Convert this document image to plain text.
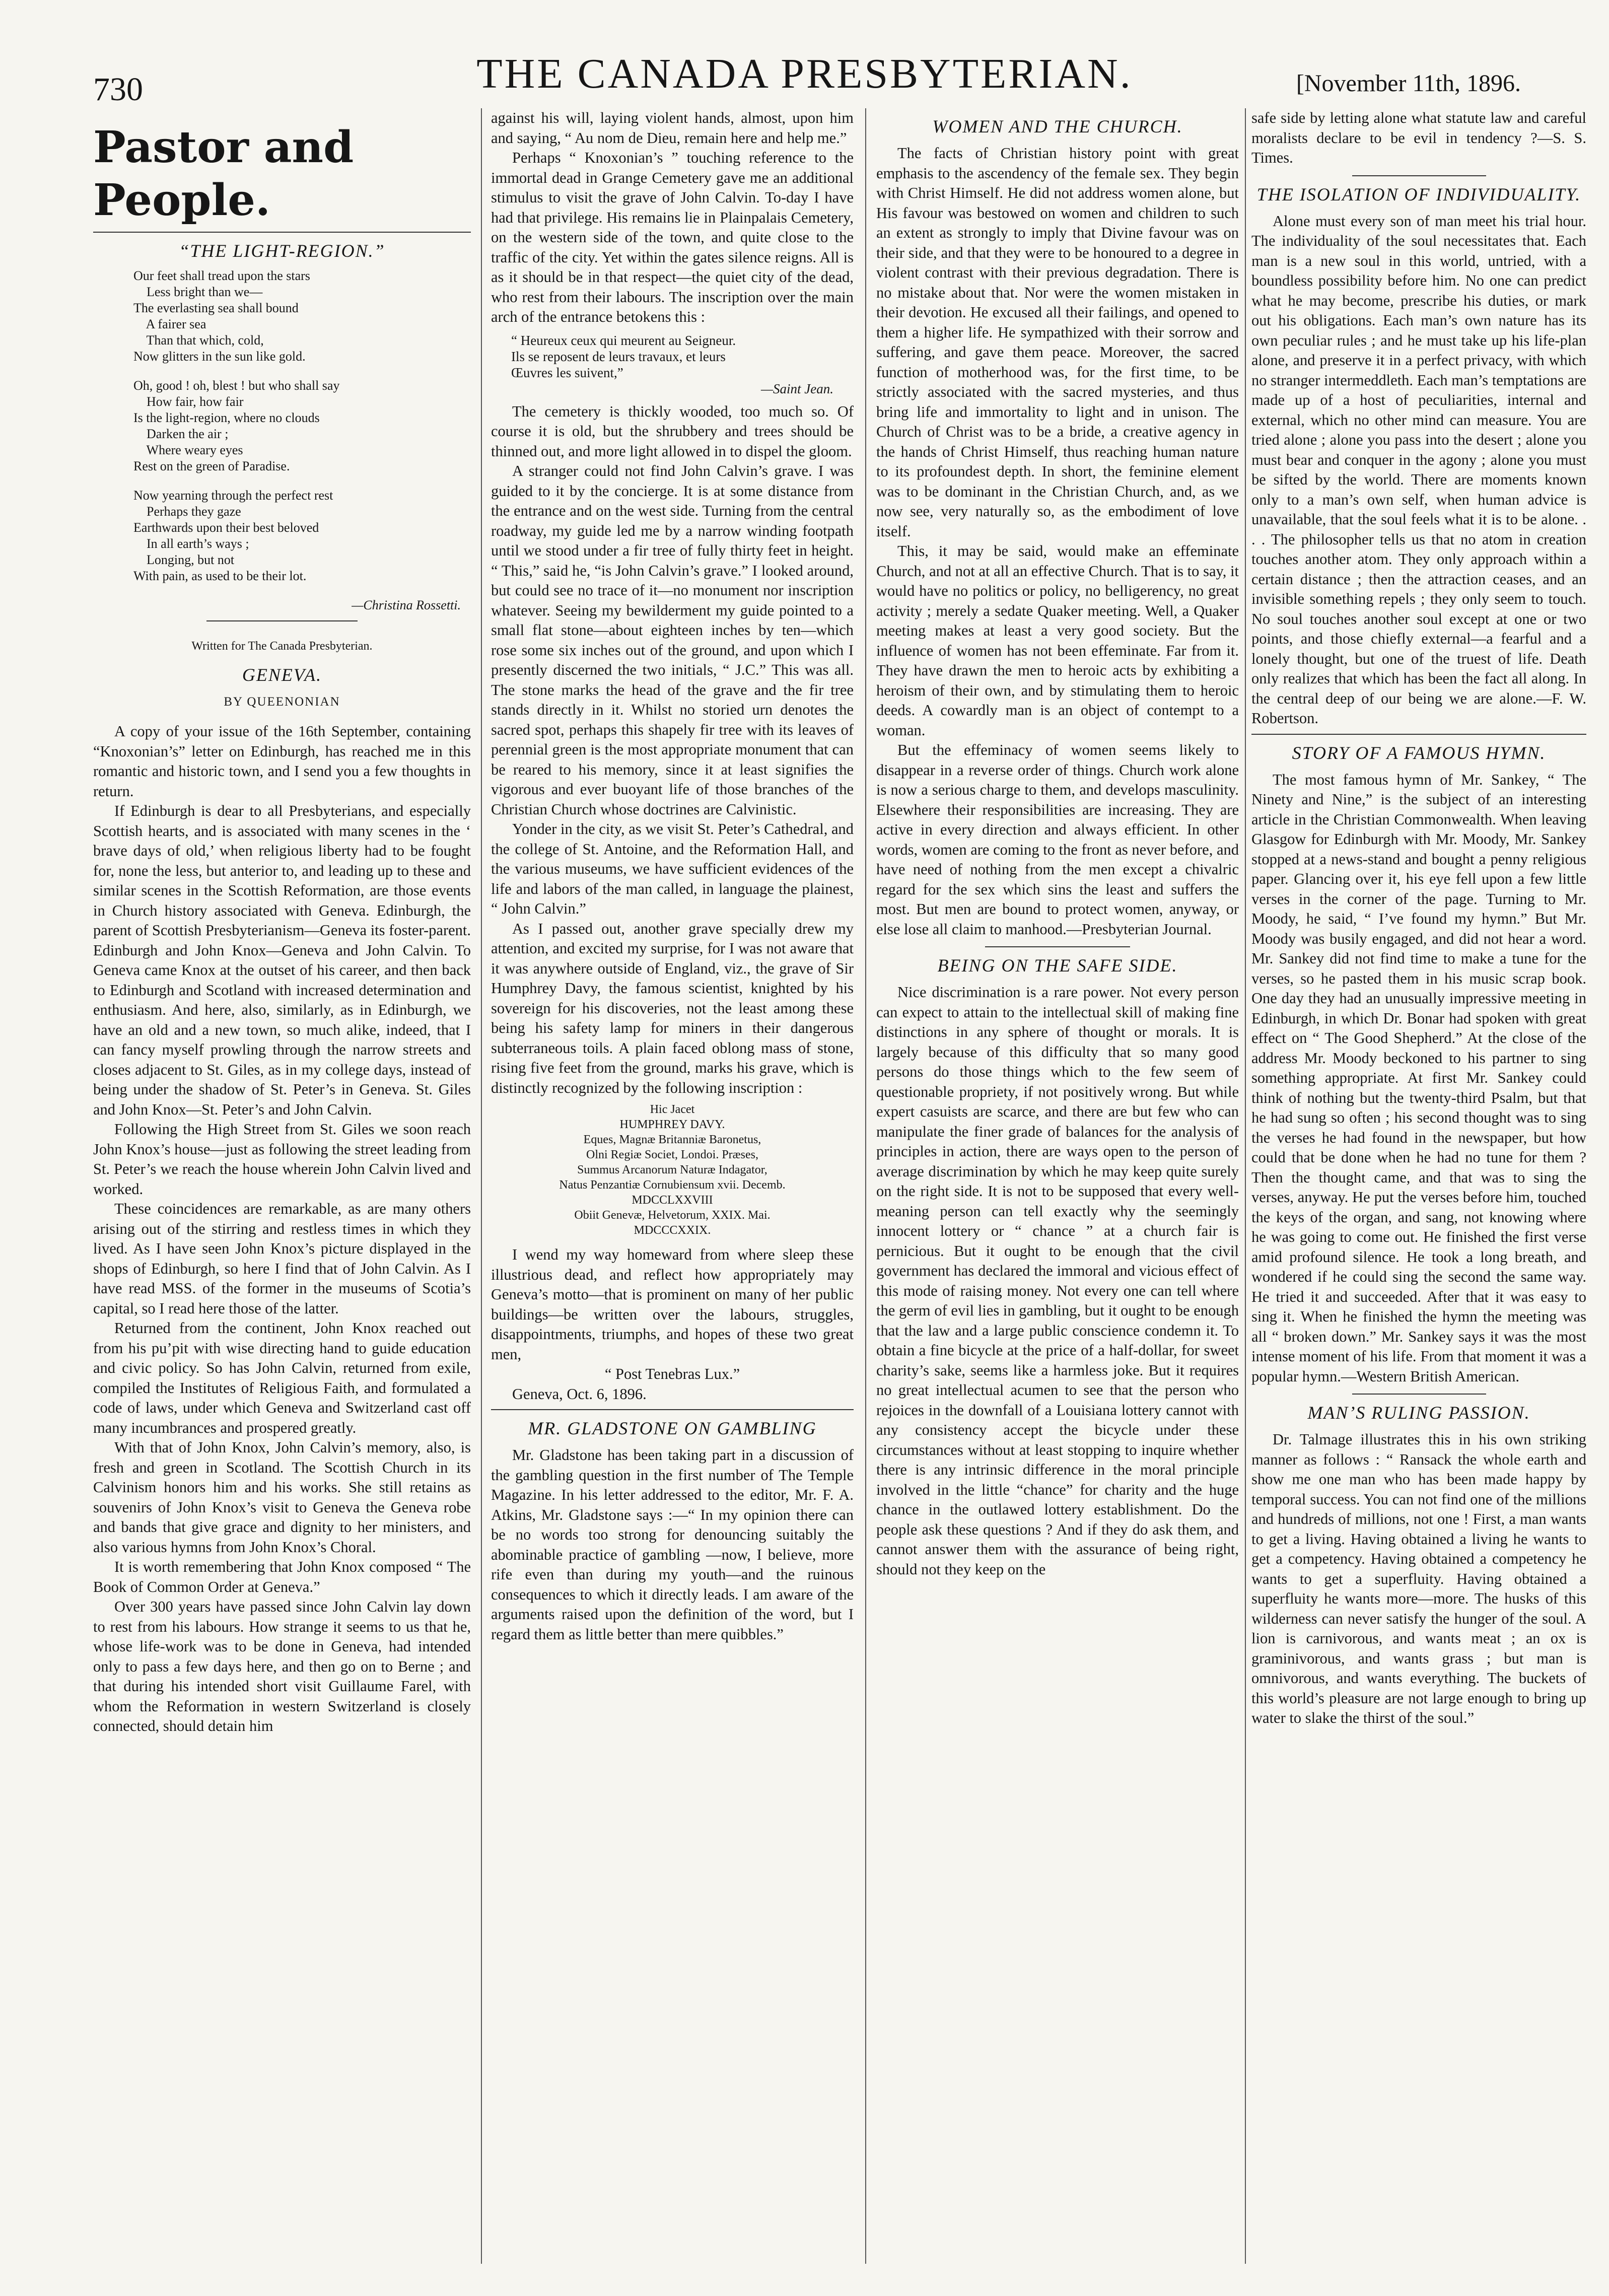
730	THE CANADA PRESBYTERIAN.	[November 11th, 1896.
Pastor and People.
“THE LIGHT-REGION.”
Our feet shall tread upon the stars
Less bright than we—
The everlasting sea shall bound
A fairer sea
Than that which, cold,
Now glitters in the sun like gold.
Oh, good ! oh, blest ! but who shall say
How fair, how fair
Is the light-region, where no clouds
Darken the air ;
Where weary eyes
Rest on the green of Paradise.
Now yearning through the perfect rest
Perhaps they gaze
Earthwards upon their best beloved
In all earth’s ways ;
Longing, but not
With pain, as used to be their lot.
—Christina Rossetti.
Written for The Canada Presbyterian.
GENEVA.
BY QUEENONIAN

A copy of your issue of the 16th September, containing “Knoxonian’s” letter on Edinburgh, has reached me in this romantic and historic town, and I send you a few thoughts in return.

If Edinburgh is dear to all Presbyterians, and especially Scottish hearts, and is associated with many scenes in the ‘ brave days of old,’ when religious liberty had to be fought for, none the less, but anterior to, and leading up to these and similar scenes in the Scottish Reformation, are those events in Church history associated with Geneva. Edinburgh, the parent of Scottish Presbyterianism—Geneva its foster-parent. Edinburgh and John Knox—Geneva and John Calvin. To Geneva came Knox at the outset of his career, and then back to Edinburgh and Scotland with increased determination and enthusiasm. And here, also, similarly, as in Edinburgh, we have an old and a new town, so much alike, indeed, that I can fancy myself prowling through the narrow streets and closes adjacent to St. Giles, as in my college days, instead of being under the shadow of St. Peter’s in Geneva. St. Giles and John Knox—St. Peter’s and John Calvin.

Following the High Street from St. Giles we soon reach John Knox’s house—just as following the street leading from St. Peter’s we reach the house wherein John Calvin lived and worked.

These coincidences are remarkable, as are many others arising out of the stirring and restless times in which they lived. As I have seen John Knox’s picture displayed in the shops of Edinburgh, so here I find that of John Calvin. As I have read MSS. of the former in the museums of Scotia’s capital, so I read here those of the latter.

Returned from the continent, John Knox reached out from his pu’pit with wise directing hand to guide education and civic policy. So has John Calvin, returned from exile, compiled the Institutes of Religious Faith, and formulated a code of laws, under which Geneva and Switzerland cast off many incumbrances and prospered greatly.

With that of John Knox, John Calvin’s memory, also, is fresh and green in Scotland. The Scottish Church in its Calvinism honors him and his works. She still retains as souvenirs of John Knox’s visit to Geneva the Geneva robe and bands that give grace and dignity to her ministers, and also various hymns from John Knox’s Choral.

It is worth remembering that John Knox composed “ The Book of Common Order at Geneva.”

Over 300 years have passed since John Calvin lay down to rest from his labours. How strange it seems to us that he, whose life-work was to be done in Geneva, had intended only to pass a few days here, and then go on to Berne ; and that during his intended short visit Guillaume Farel, with whom the Reformation in western Switzerland is closely connected, should detain him

against his will, laying violent hands, almost, upon him and saying, “ Au nom de Dieu, remain here and help me.”

Perhaps “ Knoxonian’s ” touching reference to the immortal dead in Grange Cemetery gave me an additional stimulus to visit the grave of John Calvin. To-day I have had that privilege. His remains lie in Plainpalais Cemetery, on the western side of the town, and quite close to the traffic of the city. Yet within the gates silence reigns. All is as it should be in that respect—the quiet city of the dead, who rest from their labours. The inscription over the main arch of the entrance betokens this :

“ Heureux ceux qui meurent au Seigneur.
Ils se reposent de leurs travaux, et leurs
Œuvres les suivent,”
—Saint Jean.

The cemetery is thickly wooded, too much so. Of course it is old, but the shrubbery and trees should be thinned out, and more light allowed in to dispel the gloom.

A stranger could not find John Calvin’s grave. I was guided to it by the concierge. It is at some distance from the entrance and on the west side. Turning from the central roadway, my guide led me by a narrow winding footpath until we stood under a fir tree of fully thirty feet in height. “ This,” said he, “is John Calvin’s grave.” I looked around, but could see no trace of it—no monument nor inscription whatever. Seeing my bewilderment my guide pointed to a small flat stone—about eighteen inches by ten—which rose some six inches out of the ground, and upon which I presently discerned the two initials, “ J.C.” This was all. The stone marks the head of the grave and the fir tree stands directly in it. Whilst no storied urn denotes the sacred spot, perhaps this shapely fir tree with its leaves of perennial green is the most appropriate monument that can be reared to his memory, since it at least signifies the vigorous and ever buoyant life of those branches of the Christian Church whose doctrines are Calvinistic.

Yonder in the city, as we visit St. Peter’s Cathedral, and the college of St. Antoine, and the Reformation Hall, and the various museums, we have sufficient evidences of the life and labors of the man called, in language the plainest, “ John Calvin.”

As I passed out, another grave specially drew my attention, and excited my surprise, for I was not aware that it was anywhere outside of England, viz., the grave of Sir Humphrey Davy, the famous scientist, knighted by his sovereign for his discoveries, not the least among these being his safety lamp for miners in their dangerous subterraneous toils. A plain faced oblong mass of stone, rising five feet from the ground, marks his grave, which is distinctly recognized by the following inscription :

Hic Jacet
HUMPHREY DAVY.
Eques, Magnæ Britanniæ Baronetus,
Olni Regiæ Societ, Londoi. Præses,
Summus Arcanorum Naturæ Indagator,
Natus Penzantiæ Cornubiensum xvii. Decemb.
MDCCLXXVIII
Obiit Genevæ, Helvetorum, XXIX. Mai.
MDCCCXXIX.

I wend my way homeward from where sleep these illustrious dead, and reflect how appropriately may Geneva’s motto—that is prominent on many of her public buildings—be written over the labours, struggles, disappointments, triumphs, and hopes of these two great men,

“ Post Tenebras Lux.”

Geneva, Oct. 6, 1896.

MR. GLADSTONE ON GAMBLING

Mr. Gladstone has been taking part in a discussion of the gambling question in the first number of The Temple Magazine. In his letter addressed to the editor, Mr. F. A. Atkins, Mr. Gladstone says :—“ In my opinion there can be no words too strong for denouncing suitably the abominable practice of gambling —now, I believe, more rife even than during my youth—and the ruinous consequences to which it directly leads. I am aware of the arguments raised upon the definition of the word, but I regard them as little better than mere quibbles.”

WOMEN AND THE CHURCH.

The facts of Christian history point with great emphasis to the ascendency of the female sex. They begin with Christ Himself. He did not address women alone, but His favour was bestowed on women and children to such an extent as strongly to imply that Divine favour was on their side, and that they were to be honoured to a degree in violent contrast with their previous degradation. There is no mistake about that. Nor were the women mistaken in their devotion. He excused all their failings, and opened to them a higher life. He sympathized with their sorrow and suffering, and gave them peace. Moreover, the sacred function of motherhood was, for the first time, to be strictly associated with the sacred mysteries, and thus bring life and immortality to light and in unison. The Church of Christ was to be a bride, a creative agency in the hands of Christ Himself, thus reaching human nature to its profoundest depth. In short, the feminine element was to be dominant in the Christian Church, and, as we now see, very naturally so, as the embodiment of love itself.

This, it may be said, would make an effeminate Church, and not at all an effective Church. That is to say, it would have no politics or policy, no belligerency, no great activity ; merely a sedate Quaker meeting. Well, a Quaker meeting makes at least a very good society. But the influence of women has not been effeminate. Far from it. They have drawn the men to heroic acts by exhibiting a heroism of their own, and by stimulating them to heroic deeds. A cowardly man is an object of contempt to a woman.

But the effeminacy of women seems likely to disappear in a reverse order of things. Church work alone is now a serious charge to them, and develops masculinity. Elsewhere their responsibilities are increasing. They are active in every direction and always efficient. In other words, women are coming to the front as never before, and have need of nothing from the men except a chivalric regard for the sex which sins the least and suffers the most. But men are bound to protect women, anyway, or else lose all claim to manhood.—Presbyterian Journal.

BEING ON THE SAFE SIDE.

Nice discrimination is a rare power. Not every person can expect to attain to the intellectual skill of making fine distinctions in any sphere of thought or morals. It is largely because of this difficulty that so many good persons do those things which to the few seem of questionable propriety, if not positively wrong. But while expert casuists are scarce, and there are but few who can manipulate the finer grade of balances for the analysis of principles in action, there are ways open to the person of average discrimination by which he may keep quite surely on the right side. It is not to be supposed that every well-meaning person can tell exactly why the seemingly innocent lottery or “ chance ” at a church fair is pernicious. But it ought to be enough that the civil government has declared the immoral and vicious effect of this mode of raising money. Not every one can tell where the germ of evil lies in gambling, but it ought to be enough that the law and a large public conscience condemn it. To obtain a fine bicycle at the price of a half-dollar, for sweet charity’s sake, seems like a harmless joke. But it requires no great intellectual acumen to see that the person who rejoices in the downfall of a Louisiana lottery cannot with any consistency accept the bicycle under these circumstances without at least stopping to inquire whether there is any intrinsic difference in the moral principle involved in the little “chance” for charity and the huge chance in the outlawed lottery establishment. Do the people ask these questions ? And if they do ask them, and cannot answer them with the assurance of being right, should not they keep on the

safe side by letting alone what statute law and careful moralists declare to be evil in tendency ?—S. S. Times.

THE ISOLATION OF INDIVIDUALITY.

Alone must every son of man meet his trial hour. The individuality of the soul necessitates that. Each man is a new soul in this world, untried, with a boundless possibility before him. No one can predict what he may become, prescribe his duties, or mark out his obligations. Each man’s own nature has its own peculiar rules ; and he must take up his life-plan alone, and preserve it in a perfect privacy, with which no stranger intermeddleth. Each man’s temptations are made up of a host of peculiarities, internal and external, which no other mind can measure. You are tried alone ; alone you pass into the desert ; alone you must bear and conquer in the agony ; alone you must be sifted by the world. There are moments known only to a man’s own self, when human advice is unavailable, that the soul feels what it is to be alone. . . . The philosopher tells us that no atom in creation touches another atom. They only approach within a certain distance ; then the attraction ceases, and an invisible something repels ; they only seem to touch. No soul touches another soul except at one or two points, and those chiefly external—a fearful and a lonely thought, but one of the truest of life. Death only realizes that which has been the fact all along. In the central deep of our being we are alone.—F. W. Robertson.

STORY OF A FAMOUS HYMN.

The most famous hymn of Mr. Sankey, “ The Ninety and Nine,” is the subject of an interesting article in the Christian Commonwealth. When leaving Glasgow for Edinburgh with Mr. Moody, Mr. Sankey stopped at a news-stand and bought a penny religious paper. Glancing over it, his eye fell upon a few little verses in the corner of the page. Turning to Mr. Moody, he said, “ I’ve found my hymn.” But Mr. Moody was busily engaged, and did not hear a word. Mr. Sankey did not find time to make a tune for the verses, so he pasted them in his music scrap book. One day they had an unusually impressive meeting in Edinburgh, in which Dr. Bonar had spoken with great effect on “ The Good Shepherd.” At the close of the address Mr. Moody beckoned to his partner to sing something appropriate. At first Mr. Sankey could think of nothing but the twenty-third Psalm, but that he had sung so often ; his second thought was to sing the verses he had found in the newspaper, but how could that be done when he had no tune for them ? Then the thought came, and that was to sing the verses, anyway. He put the verses before him, touched the keys of the organ, and sang, not knowing where he was going to come out. He finished the first verse amid profound silence. He took a long breath, and wondered if he could sing the second the same way. He tried it and succeeded. After that it was easy to sing it. When he finished the hymn the meeting was all “ broken down.” Mr. Sankey says it was the most intense moment of his life. From that moment it was a popular hymn.—Western British American.

MAN’S RULING PASSION.

Dr. Talmage illustrates this in his own striking manner as follows : “ Ransack the whole earth and show me one man who has been made happy by temporal success. You can not find one of the millions and hundreds of millions, not one ! First, a man wants to get a living. Having obtained a living he wants to get a competency. Having obtained a competency he wants to get a superfluity. Having obtained a superfluity he wants more—more. The husks of this wilderness can never satisfy the hunger of the soul. A lion is carnivorous, and wants meat ; an ox is graminivorous, and wants grass ; but man is omnivorous, and wants everything. The buckets of this world’s pleasure are not large enough to bring up water to slake the thirst of the soul.”
